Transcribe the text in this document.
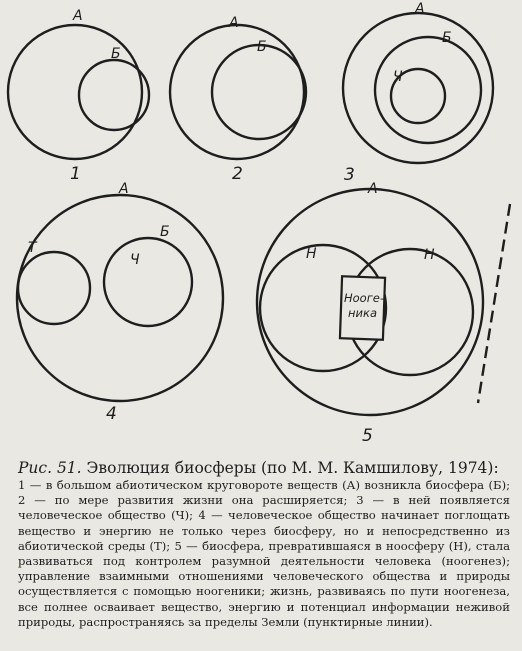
А
Б
1
А
Б
2
А
Б
Ч
3
А
Т
Б
Ч
4
Ноoге-
ника
А
Н	Н
5
Рис. 51. Эволюция биосферы (по М. М. Камшилову, 1974):
1 — в большом абиотическом круговороте веществ (А) возникла биосфера (Б); 2 — по мере развития жизни она расширяется; 3 — в ней появляется человеческое общество (Ч); 4 — человеческое общество начинает поглощать вещество и энергию не только через биосферу, но и непосредственно из абиотической среды (Т); 5 — биосфера, превратившаяся в ноосферу (Н), стала развиваться под контролем разумной деятельности человека (ноогенез); управление взаимными отношениями человеческого общества и природы осуществляется с помощью ноогеники; жизнь, развиваясь по пути ноогенеза, все полнее осваивает вещество, энергию и потенциал информации неживой природы, распространяясь за пределы Земли (пунктирные линии).
